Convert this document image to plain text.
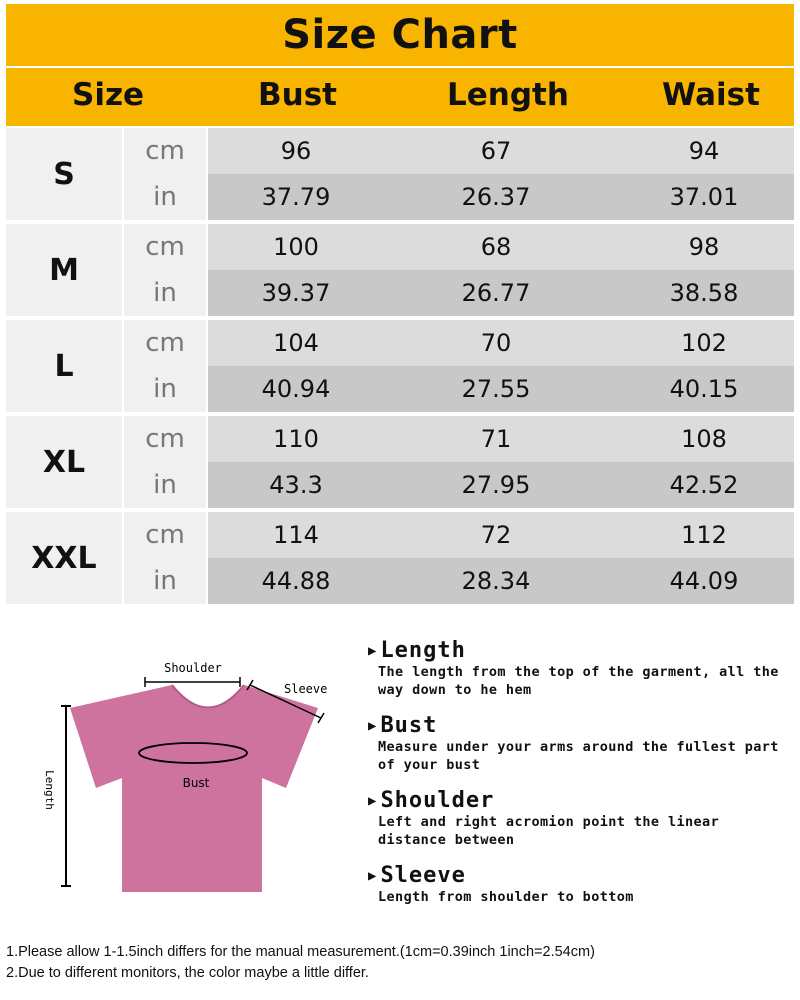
Size Chart
Size	Bust	Length	Waist
S
cm	96	67	94
in	37.79	26.37	37.01
M
cm	100	68	98
in	39.37	26.77	38.58
L
cm	104	70	102
in	40.94	27.55	40.15
XL
cm	110	71	108
in	43.3	27.95	42.52
XXL
cm	114	72	112
in	44.88	28.34	44.09
Shoulder
Sleeve
Bust
Length
▶ Length
The length from the top of the garment, all the way down to he hem
▶ Bust
Measure under your arms around the fullest part of your bust
▶ Shoulder
Left and right acromion point the linear distance between
▶ Sleeve
Length from shoulder to bottom
1.Please allow 1-1.5inch differs for the manual measurement.(1cm=0.39inch 1inch=2.54cm)
2.Due to different monitors, the color maybe a little differ.
